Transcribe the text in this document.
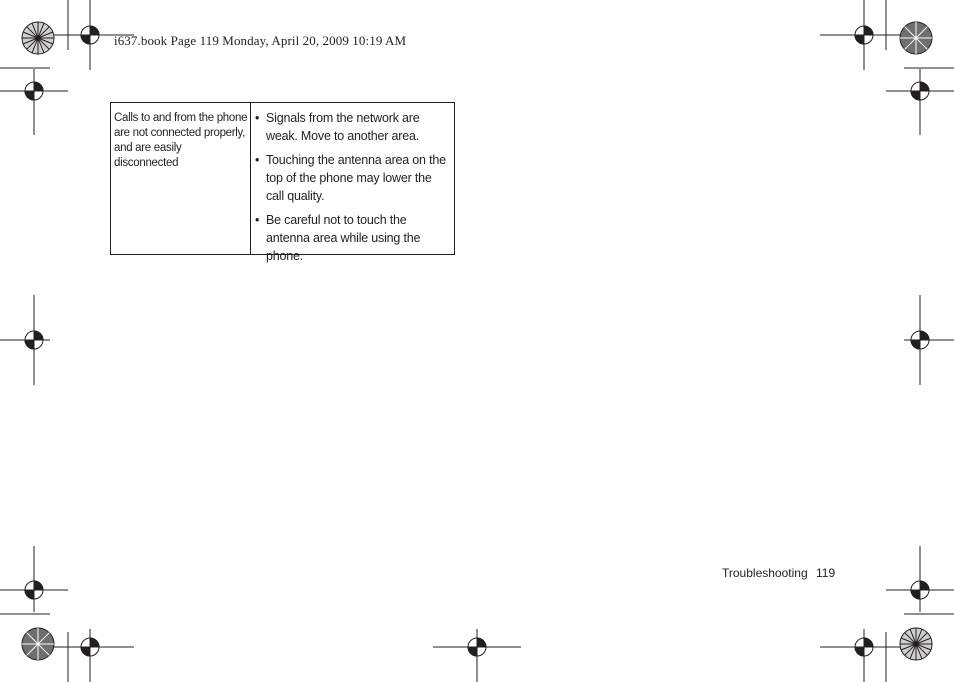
i637.book Page 119 Monday, April 20, 2009 10:19 AM
Calls to and from the phone are not connected properly, and are easily disconnected
• Signals from the network are weak. Move to another area.
• Touching the antenna area on the top of the phone may lower the call quality.
• Be careful not to touch the antenna area while using the phone.
Troubleshooting 119
